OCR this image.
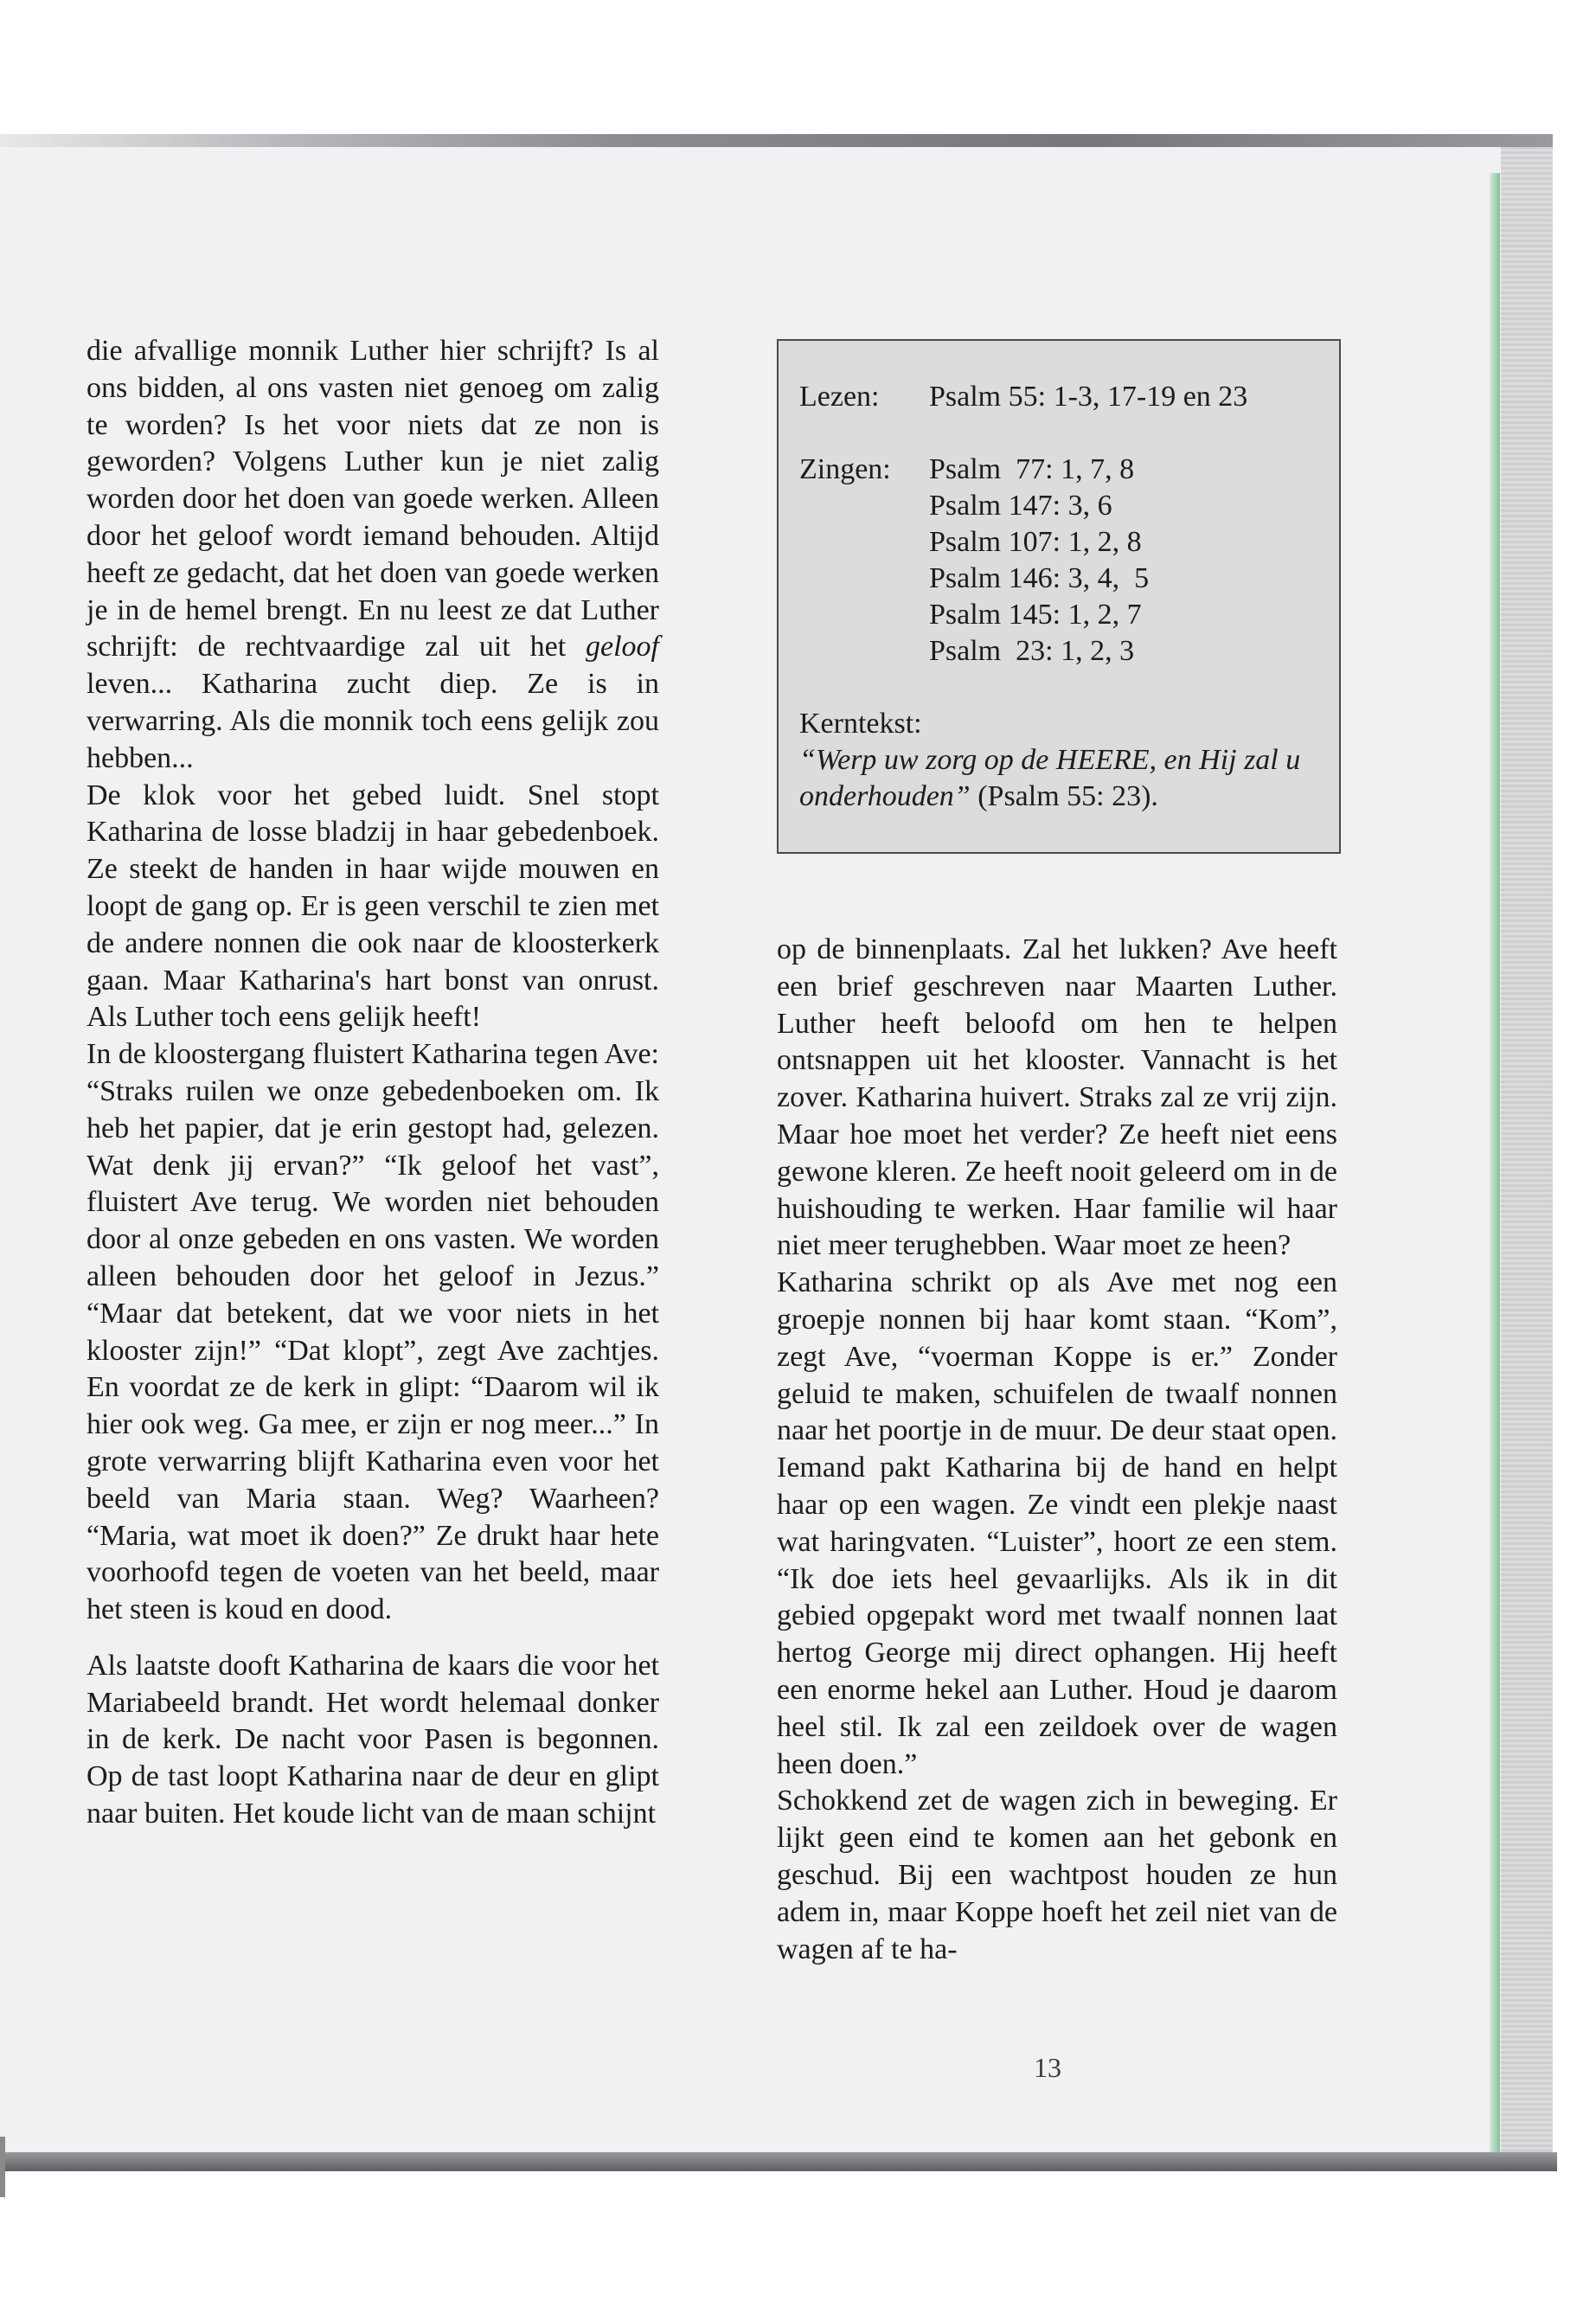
die afvallige monnik Luther hier schrijft? Is al ons bidden, al ons vasten niet genoeg om zalig te worden? Is het voor niets dat ze non is geworden? Volgens Luther kun je niet zalig worden door het doen van goede werken. Alleen door het geloof wordt iemand behouden. Altijd heeft ze gedacht, dat het doen van goede werken je in de hemel brengt. En nu leest ze dat Luther schrijft: de rechtvaardige zal uit het geloof leven... Katharina zucht diep. Ze is in verwarring. Als die monnik toch eens gelijk zou hebben...

De klok voor het gebed luidt. Snel stopt Katharina de losse bladzij in haar gebedenboek. Ze steekt de handen in haar wijde mouwen en loopt de gang op. Er is geen verschil te zien met de andere nonnen die ook naar de kloosterkerk gaan. Maar Katharina's hart bonst van onrust. Als Luther toch eens gelijk heeft!

In de kloostergang fluistert Katharina tegen Ave: “Straks ruilen we onze gebedenboeken om. Ik heb het papier, dat je erin gestopt had, gelezen. Wat denk jij ervan?” “Ik geloof het vast”, fluistert Ave terug. We worden niet behouden door al onze gebeden en ons vasten. We worden alleen behouden door het geloof in Jezus.” “Maar dat betekent, dat we voor niets in het klooster zijn!” “Dat klopt”, zegt Ave zachtjes. En voordat ze de kerk in glipt: “Daarom wil ik hier ook weg. Ga mee, er zijn er nog meer...” In grote verwarring blijft Katharina even voor het beeld van Maria staan. Weg? Waarheen? “Maria, wat moet ik doen?” Ze drukt haar hete voorhoofd tegen de voeten van het beeld, maar het steen is koud en dood.

Als laatste dooft Katharina de kaars die voor het Mariabeeld brandt. Het wordt helemaal donker in de kerk. De nacht voor Pasen is begonnen. Op de tast loopt Katharina naar de deur en glipt naar buiten. Het koude licht van de maan schijnt

Lezen:	Psalm 55: 1-3, 17-19 en 23
Zingen:	Psalm  77: 1, 7, 8
Psalm 147: 3, 6
Psalm 107: 1, 2, 8
Psalm 146: 3, 4,  5
Psalm 145: 1, 2, 7
Psalm  23: 1, 2, 3
Kerntekst:
“Werp uw zorg op de HEERE, en Hij zal u onderhouden” (Psalm 55: 23).

op de binnenplaats. Zal het lukken? Ave heeft een brief geschreven naar Maarten Luther. Luther heeft beloofd om hen te helpen ontsnappen uit het klooster. Vannacht is het zover. Katharina huivert. Straks zal ze vrij zijn. Maar hoe moet het verder? Ze heeft niet eens gewone kleren. Ze heeft nooit geleerd om in de huishouding te werken. Haar familie wil haar niet meer terughebben. Waar moet ze heen?

Katharina schrikt op als Ave met nog een groepje nonnen bij haar komt staan. “Kom”, zegt Ave, “voerman Koppe is er.” Zonder geluid te maken, schuifelen de twaalf nonnen naar het poortje in de muur. De deur staat open. Iemand pakt Katharina bij de hand en helpt haar op een wagen. Ze vindt een plekje naast wat haringvaten. “Luister”, hoort ze een stem. “Ik doe iets heel gevaarlijks. Als ik in dit gebied opgepakt word met twaalf nonnen laat hertog George mij direct ophangen. Hij heeft een enorme hekel aan Luther. Houd je daarom heel stil. Ik zal een zeildoek over de wagen heen doen.”

Schokkend zet de wagen zich in beweging. Er lijkt geen eind te komen aan het gebonk en geschud. Bij een wachtpost houden ze hun adem in, maar Koppe hoeft het zeil niet van de wagen af te ha-

13
